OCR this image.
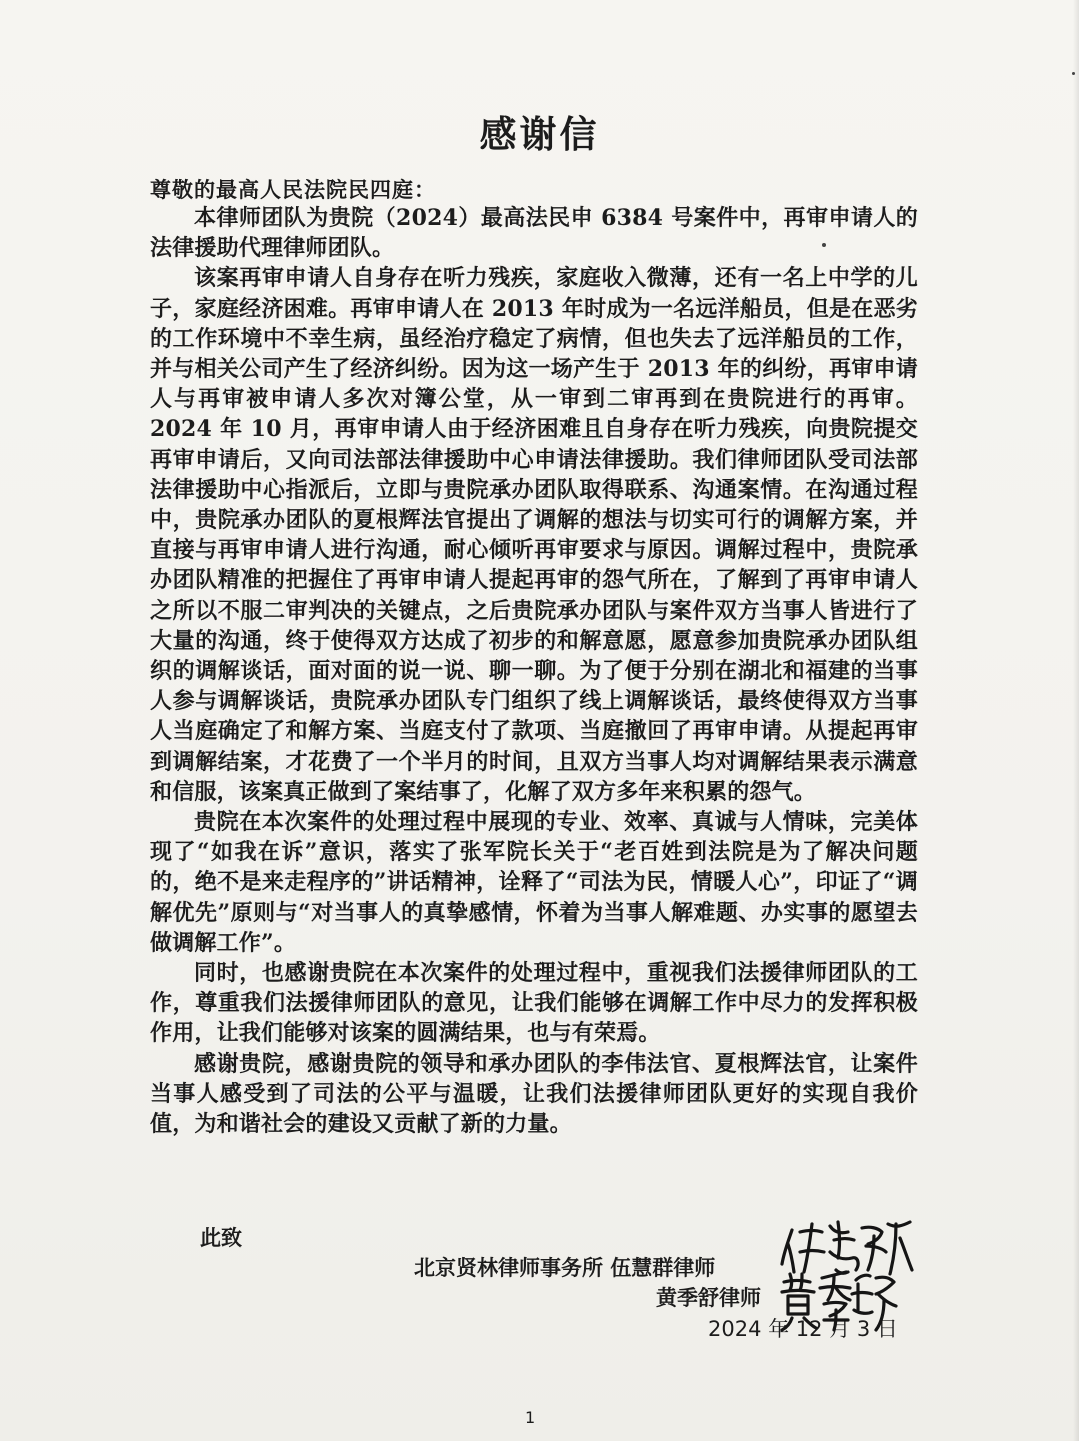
感谢信
尊敬的最高人民法院民四庭：

本律师团队为贵院（2024）最高法民申 6384 号案件中，再审申请人的法律援助代理律师团队。

该案再审申请人自身存在听力残疾，家庭收入微薄，还有一名上中学的儿子，家庭经济困难。再审申请人在 2013 年时成为一名远洋船员，但是在恶劣的工作环境中不幸生病，虽经治疗稳定了病情，但也失去了远洋船员的工作，并与相关公司产生了经济纠纷。因为这一场产生于 2013 年的纠纷，再审申请人与再审被申请人多次对簿公堂，从一审到二审再到在贵院进行的再审。2024 年 10 月，再审申请人由于经济困难且自身存在听力残疾，向贵院提交再审申请后，又向司法部法律援助中心申请法律援助。我们律师团队受司法部法律援助中心指派后，立即与贵院承办团队取得联系、沟通案情。在沟通过程中，贵院承办团队的夏根辉法官提出了调解的想法与切实可行的调解方案，并直接与再审申请人进行沟通，耐心倾听再审要求与原因。调解过程中，贵院承办团队精准的把握住了再审申请人提起再审的怨气所在，了解到了再审申请人之所以不服二审判决的关键点，之后贵院承办团队与案件双方当事人皆进行了大量的沟通，终于使得双方达成了初步的和解意愿，愿意参加贵院承办团队组织的调解谈话，面对面的说一说、聊一聊。为了便于分别在湖北和福建的当事人参与调解谈话，贵院承办团队专门组织了线上调解谈话，最终使得双方当事人当庭确定了和解方案、当庭支付了款项、当庭撤回了再审申请。从提起再审到调解结案，才花费了一个半月的时间，且双方当事人均对调解结果表示满意和信服，该案真正做到了案结事了，化解了双方多年来积累的怨气。

贵院在本次案件的处理过程中展现的专业、效率、真诚与人情味，完美体现了“如我在诉”意识，落实了张军院长关于“老百姓到法院是为了解决问题的，绝不是来走程序的”讲话精神，诠释了“司法为民，情暖人心”，印证了“调解优先”原则与“对当事人的真挚感情，怀着为当事人解难题、办实事的愿望去做调解工作”。

同时，也感谢贵院在本次案件的处理过程中，重视我们法援律师团队的工作，尊重我们法援律师团队的意见，让我们能够在调解工作中尽力的发挥积极作用，让我们能够对该案的圆满结果，也与有荣焉。

感谢贵院，感谢贵院的领导和承办团队的李伟法官、夏根辉法官，让案件当事人感受到了司法的公平与温暖，让我们法援律师团队更好的实现自我价值，为和谐社会的建设又贡献了新的力量。

此致
北京贤林律师事务所 伍慧群律师
黄季舒律师
2024 年 12 月 3 日
1
